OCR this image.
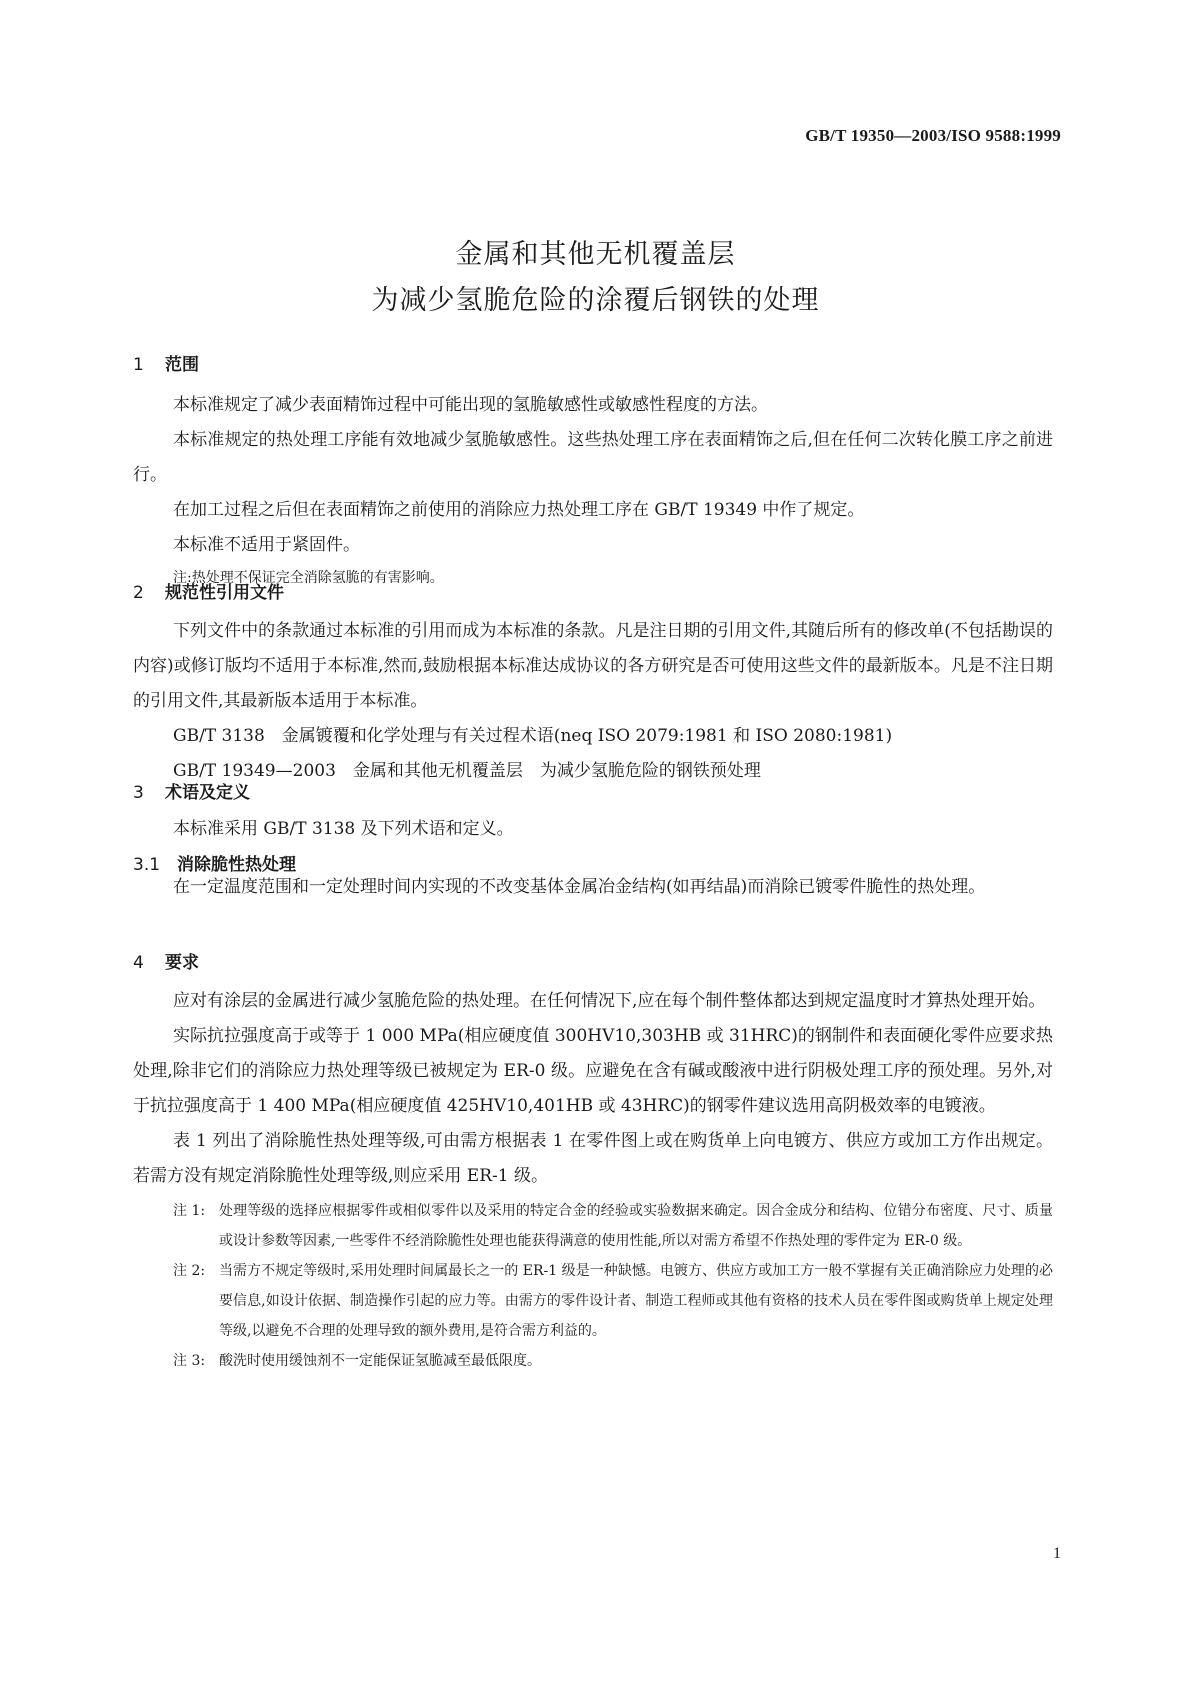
GB/T 19350—2003/ISO 9588:1999
金属和其他无机覆盖层
为减少氢脆危险的涂覆后钢铁的处理
1 范围

本标准规定了减少表面精饰过程中可能出现的氢脆敏感性或敏感性程度的方法。

本标准规定的热处理工序能有效地减少氢脆敏感性。这些热处理工序在表面精饰之后,但在任何二次转化膜工序之前进行。

在加工过程之后但在表面精饰之前使用的消除应力热处理工序在 GB/T 19349 中作了规定。

本标准不适用于紧固件。

注:热处理不保证完全消除氢脆的有害影响。

2 规范性引用文件

下列文件中的条款通过本标准的引用而成为本标准的条款。凡是注日期的引用文件,其随后所有的修改单(不包括勘误的内容)或修订版均不适用于本标准,然而,鼓励根据本标准达成协议的各方研究是否可使用这些文件的最新版本。凡是不注日期的引用文件,其最新版本适用于本标准。

GB/T 3138　金属镀覆和化学处理与有关过程术语(neq ISO 2079:1981 和 ISO 2080:1981)

GB/T 19349—2003　金属和其他无机覆盖层　为减少氢脆危险的钢铁预处理

3 术语及定义

本标准采用 GB/T 3138 及下列术语和定义。

3.1 消除脆性热处理

在一定温度范围和一定处理时间内实现的不改变基体金属冶金结构(如再结晶)而消除已镀零件脆性的热处理。

4 要求

应对有涂层的金属进行减少氢脆危险的热处理。在任何情况下,应在每个制件整体都达到规定温度时才算热处理开始。

实际抗拉强度高于或等于 1 000 MPa(相应硬度值 300HV10,303HB 或 31HRC)的钢制件和表面硬化零件应要求热处理,除非它们的消除应力热处理等级已被规定为 ER-0 级。应避免在含有碱或酸液中进行阴极处理工序的预处理。另外,对于抗拉强度高于 1 400 MPa(相应硬度值 425HV10,401HB 或 43HRC)的钢零件建议选用高阴极效率的电镀液。

表 1 列出了消除脆性热处理等级,可由需方根据表 1 在零件图上或在购货单上向电镀方、供应方或加工方作出规定。若需方没有规定消除脆性处理等级,则应采用 ER-1 级。

注 1: 处理等级的选择应根据零件或相似零件以及采用的特定合金的经验或实验数据来确定。因合金成分和结构、位错分布密度、尺寸、质量或设计参数等因素,一些零件不经消除脆性处理也能获得满意的使用性能,所以对需方希望不作热处理的零件定为 ER-0 级。
注 2: 当需方不规定等级时,采用处理时间属最长之一的 ER-1 级是一种缺憾。电镀方、供应方或加工方一般不掌握有关正确消除应力处理的必要信息,如设计依据、制造操作引起的应力等。由需方的零件设计者、制造工程师或其他有资格的技术人员在零件图或购货单上规定处理等级,以避免不合理的处理导致的额外费用,是符合需方利益的。
注 3: 酸洗时使用缓蚀剂不一定能保证氢脆减至最低限度。
1
